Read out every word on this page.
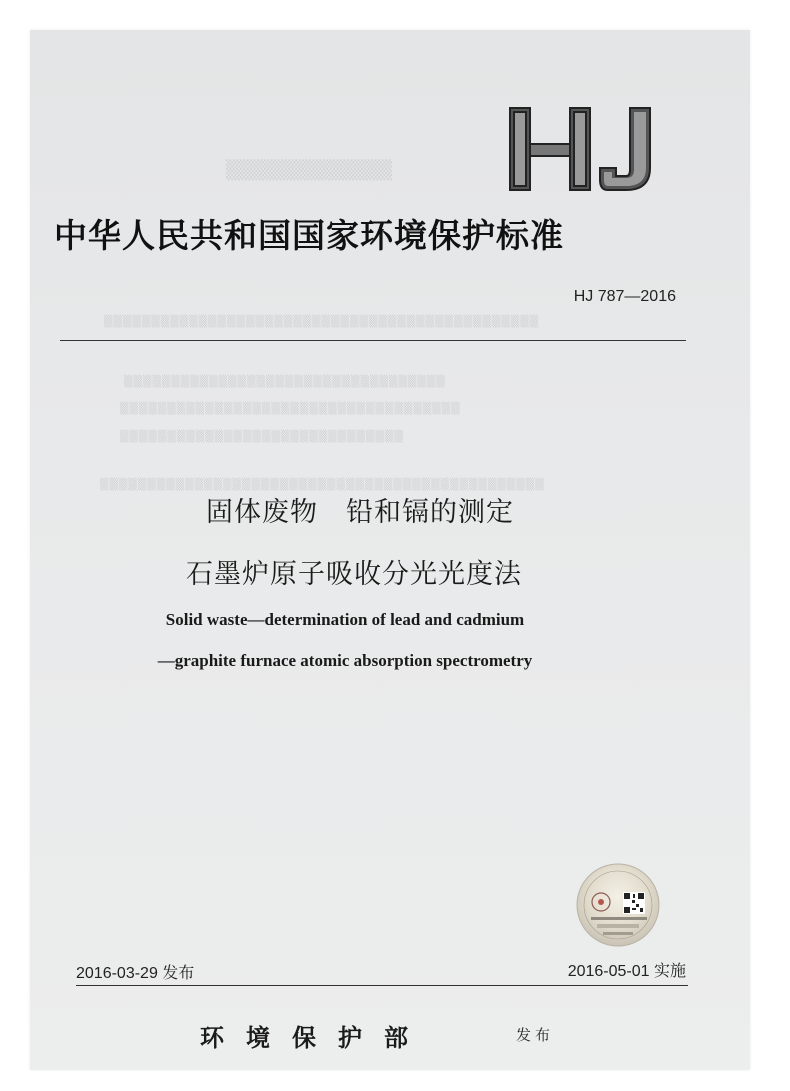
▒▒▒▒▒▒▒▒▒▒▒▒
▒▒▒▒▒▒▒▒▒▒▒▒▒▒▒▒▒▒▒▒▒▒▒▒▒▒▒▒▒▒▒▒▒▒▒▒▒▒▒▒▒▒▒▒▒▒
▒▒▒▒▒▒▒▒▒▒▒▒▒▒▒▒▒▒▒▒▒▒▒▒▒▒▒▒▒▒▒▒▒▒
▒▒▒▒▒▒▒▒▒▒▒▒▒▒▒▒▒▒▒▒▒▒▒▒▒▒▒▒▒▒▒▒▒▒▒▒
▒▒▒▒▒▒▒▒▒▒▒▒▒▒▒▒▒▒▒▒▒▒▒▒▒▒▒▒▒▒
▒▒▒▒▒▒▒▒▒▒▒▒▒▒▒▒▒▒▒▒▒▒▒▒▒▒▒▒▒▒▒▒▒▒▒▒▒▒▒▒▒▒▒▒▒▒▒
中华人民共和国国家环境保护标准
HJ 787—2016
固体废物　铅和镉的测定
石墨炉原子吸收分光光度法
Solid waste—determination of lead and cadmium
—graphite furnace atomic absorption spectrometry
2016-03-29 发布	2016-05-01 实施
环境保护部	发布
